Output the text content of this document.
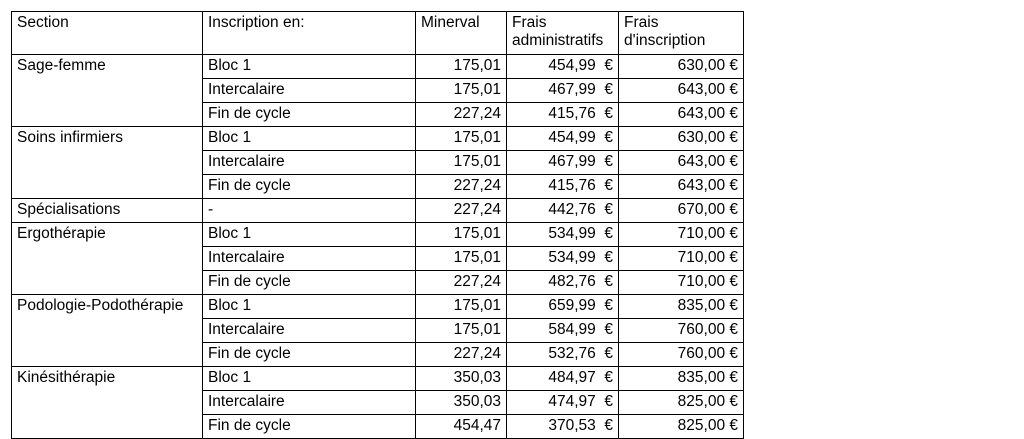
Section	Inscription en:	Minerval	Frais administratifs	Frais d'inscription
Sage-femme	Bloc 1	175,01	454,99  €	630,00 €
	Intercalaire	175,01	467,99  €	643,00 €
	Fin de cycle	227,24	415,76  €	643,00 €
Soins infirmiers	Bloc 1	175,01	454,99  €	630,00 €
	Intercalaire	175,01	467,99  €	643,00 €
	Fin de cycle	227,24	415,76  €	643,00 €
Spécialisations	-	227,24	442,76  €	670,00 €
Ergothérapie	Bloc 1	175,01	534,99  €	710,00 €
	Intercalaire	175,01	534,99  €	710,00 €
	Fin de cycle	227,24	482,76  €	710,00 €
Podologie-Podothérapie	Bloc 1	175,01	659,99  €	835,00 €
	Intercalaire	175,01	584,99  €	760,00 €
	Fin de cycle	227,24	532,76  €	760,00 €
Kinésithérapie	Bloc 1	350,03	484,97  €	835,00 €
	Intercalaire	350,03	474,97  €	825,00 €
	Fin de cycle	454,47	370,53  €	825,00 €
